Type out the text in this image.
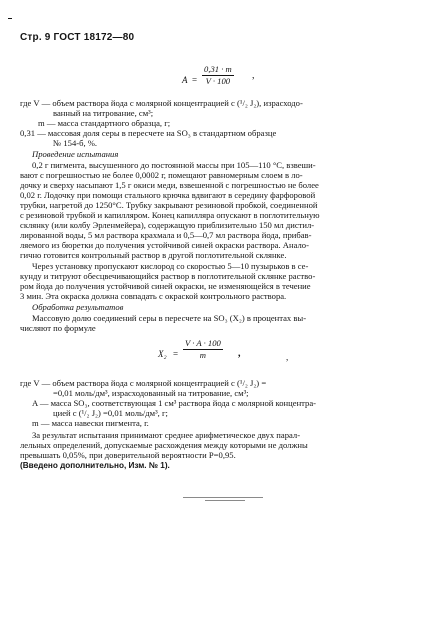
Стр. 9 ГОСТ 18172—80
$A = \frac{0,31 \cdot m}{V \cdot 100}$ ,
где V — объем раствора йода с молярной концентрацией с (¹/₂ J₂), израсходо-
ванный на титрование, см³;
m — масса стандартного образца, г;
0,31 — массовая доля серы в пересчете на SO₃ в стандартном образце
№ 154-б, %.
Проведение испытания
0,2 г пигмента, высушенного до постоянной массы при 105—110 °С, взвеши-
вают с погрешностью не более 0,0002 г, помещают равномерным слоем в ло-
дочку и сверху насыпают 1,5 г окиси меди, взвешенной с погрешностью не более
0,02 г. Лодочку при помощи стального крючка вдвигают в середину фарфоровой
трубки, нагретой до 1250°С. Трубку закрывают резиновой пробкой, соединенной
с резиновой трубкой и капилляром. Конец капилляра опускают в поглотительную
склянку (или колбу Эрленмейера), содержащую приблизительно 150 мл дистил-
лированной воды, 5 мл раствора крахмала и 0,5—0,7 мл раствора йода, прибав-
ляемого из бюретки до получения устойчивой синей окраски раствора. Анало-
гично готовится контрольный раствор в другой поглотительной склянке.
Через установку пропускают кислород со скоростью 5—10 пузырьков в се-
кунду и титруют обесцвечивающийся раствор в поглотительной склянке раство-
ром йода до получения устойчивой синей окраски, не изменяющейся в течение
3 мин. Эта окраска должна совпадать с окраской контрольного раствора.
Обработка результатов
Массовую долю соединений серы в пересчете на SO₃ (X₂) в процентах вы-
числяют по формуле
$X_2 = \frac{V \cdot A \cdot 100}{m}$ ,	,
где V — объем раствора йода с молярной концентрацией с (¹/₂ J₂) =
=0,01 моль/дм³, израсходованный на титрование, см³;
A — масса SO₃, соответствующая 1 см³ раствора йода с молярной концентра-
цией с (¹/₂ J₂) =0,01 моль/дм³, г;
m — масса навески пигмента, г.
За результат испытания принимают среднее арифметическое двух парал-
лельных определений, допускаемые расхождения между которыми не должны
превышать 0,05%, при доверительной вероятности P=0,95.
(Введено дополнительно, Изм. № 1).
